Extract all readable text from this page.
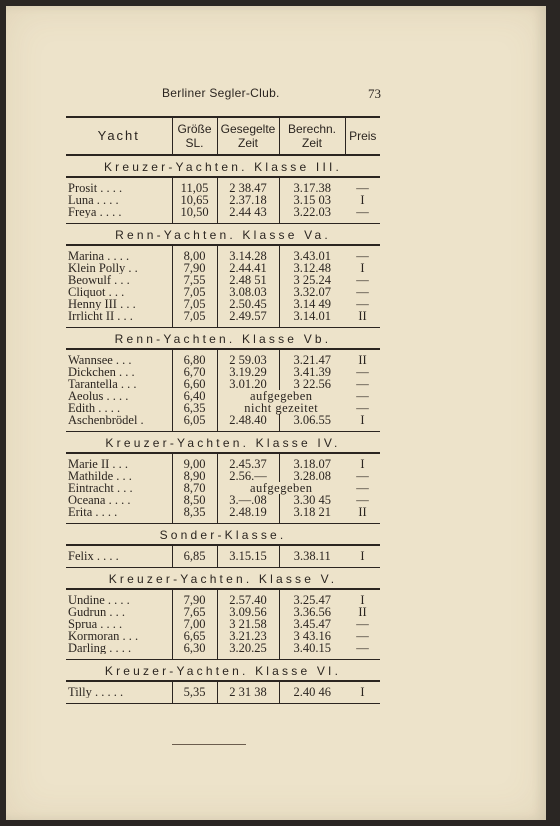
Berliner Segler-Club.	73
Yacht	Größe SL.	Gesegelte Zeit	Berechn. Zeit	Preis
Kreuzer-Yachten. Klasse III.				

Prosit . . . .	11,05	2 38.47	3.17.38	—
Luna . . . .	10,65	2.37.18	3.15 03	I
Freya . . . .	10,50	2.44 43	3.22.03	—

Renn-Yachten. Klasse Va.				

Marina . . . .	8,00	3.14.28	3.43.01	—
Klein Polly . .	7,90	2.44.41	3.12.48	I
Beowulf . . .	7,55	2.48 51	3 25.24	—
Cliquot . . .	7,05	3.08.03	3.32.07	—
Henny III . . .	7,05	2.50.45	3.14 49	—
Irrlicht II . . .	7,05	2.49.57	3.14.01	II

Renn-Yachten. Klasse Vb.				

Wannsee . . .	6,80	2 59.03	3.21.47	II
Dickchen . . .	6,70	3.19.29	3.41.39	—
Tarantella . . .	6,60	3.01.20	3 22.56	—
Aeolus . . . .	6,40	aufgegeben		—
Edith . . . .	6,35	nicht gezeitet		—
Aschenbrödel .	6,05	2.48.40	3.06.55	I

Kreuzer-Yachten. Klasse IV.				

Marie II . . .	9,00	2.45.37	3.18.07	I
Mathilde . . .	8,90	2.56.—	3.28.08	—
Eintracht . . .	8,70	aufgegeben		—
Oceana . . . .	8,50	3.—.08	3.30 45	—
Erita . . . .	8,35	2.48.19	3.18 21	II

Sonder-Klasse.				

Felix . . . .	6,85	3.15.15	3.38.11	I

Kreuzer-Yachten. Klasse V.				

Undine . . . .	7,90	2.57.40	3.25.47	I
Gudrun . . .	7,65	3.09.56	3.36.56	II
Sprua . . . .	7,00	3 21.58	3.45.47	—
Kormoran . . .	6,65	3.21.23	3 43.16	—
Darling . . . .	6,30	3.20.25	3.40.15	—

Kreuzer-Yachten. Klasse VI.				

Tilly . . . . .	5,35	2 31 38	2.40 46	I
